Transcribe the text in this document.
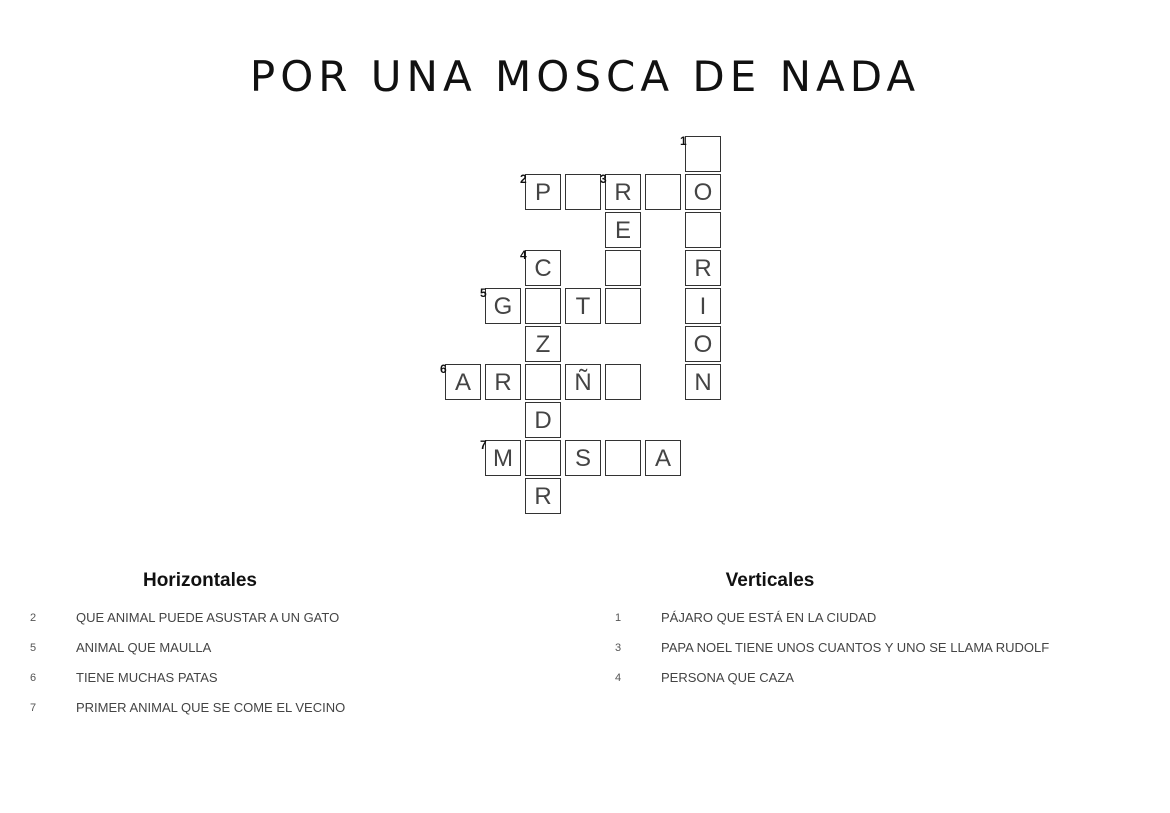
POR UNA MOSCA DE NADA
1
2 P	3 R	O
E
4 C	R
5 G	T	I
Z	O
6 A R	Ñ	N
D
7 M	S	A
R
Horizontales
2	QUE ANIMAL PUEDE ASUSTAR A UN GATO
5	ANIMAL QUE MAULLA
6	TIENE MUCHAS PATAS
7	PRIMER ANIMAL QUE SE COME EL VECINO
Verticales
1	PÁJARO QUE ESTÁ EN LA CIUDAD
3	PAPA NOEL TIENE UNOS CUANTOS Y UNO SE LLAMA RUDOLF
4	PERSONA QUE CAZA
